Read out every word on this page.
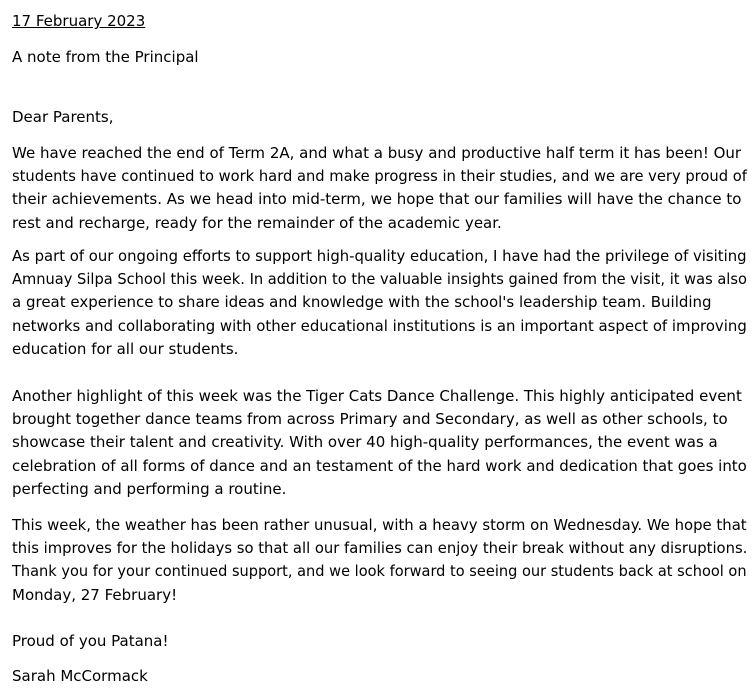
17 February 2023
A note from the Principal
Dear Parents,
We have reached the end of Term 2A, and what a busy and productive half term it has been! Our
students have continued to work hard and make progress in their studies, and we are very proud of
their achievements. As we head into mid-term, we hope that our families will have the chance to
rest and recharge, ready for the remainder of the academic year.
As part of our ongoing efforts to support high-quality education, I have had the privilege of visiting Amnuay Silpa School this week. In addition to the valuable insights gained from the visit, it was also
a great experience to share ideas and knowledge with the school's leadership team. Building
networks and collaborating with other educational institutions is an important aspect of improving
education for all our students.
Another highlight of this week was the Tiger Cats Dance Challenge. This highly anticipated event
brought together dance teams from across Primary and Secondary, as well as other schools, to
showcase their talent and creativity. With over 40 high-quality performances, the event was a
celebration of all forms of dance and an testament of the hard work and dedication that goes into
perfecting and performing a routine.
This week, the weather has been rather unusual, with a heavy storm on Wednesday. We hope that this improves for the holidays so that all our families can enjoy their break without any disruptions. Thank you for your continued support, and we look forward to seeing our students back at school on
Monday, 27 February!
Proud of you Patana!
Sarah McCormack
